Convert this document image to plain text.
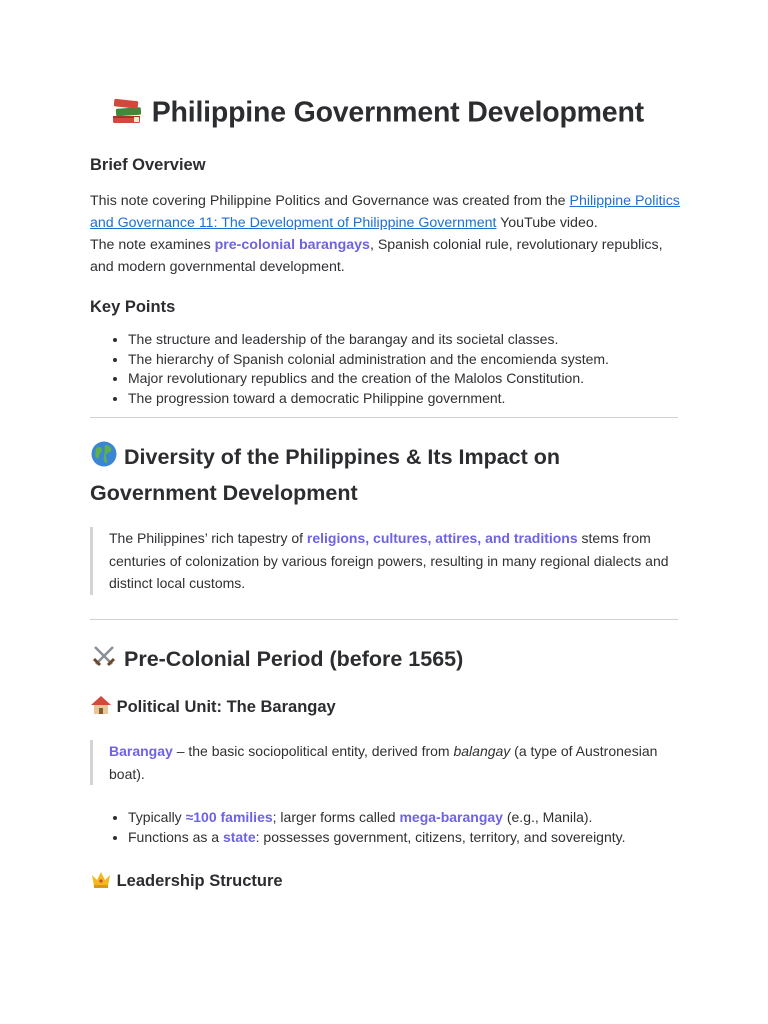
Philippine Government Development
Brief Overview

This note covering Philippine Politics and Governance was created from the Philippine Politics and Governance 11: The Development of Philippine Government YouTube video.
The note examines pre-colonial barangays, Spanish colonial rule, revolutionary republics, and modern governmental development.

Key Points
• The structure and leadership of the barangay and its societal classes.
• The hierarchy of Spanish colonial administration and the encomienda system.
• Major revolutionary republics and the creation of the Malolos Constitution.
• The progression toward a democratic Philippine government.
Diversity of the Philippines & Its Impact on
Government Development

The Philippines’ rich tapestry of religions, cultures, attires, and traditions stems from centuries of colonization by various foreign powers, resulting in many regional dialects and distinct local customs.

Pre-Colonial Period (before 1565)
Political Unit: The Barangay

Barangay – the basic sociopolitical entity, derived from balangay (a type of Austronesian boat).

• Typically ≈100 families; larger forms called mega-barangay (e.g., Manila).
• Functions as a state: possesses government, citizens, territory, and sovereignty.
Leadership Structure
